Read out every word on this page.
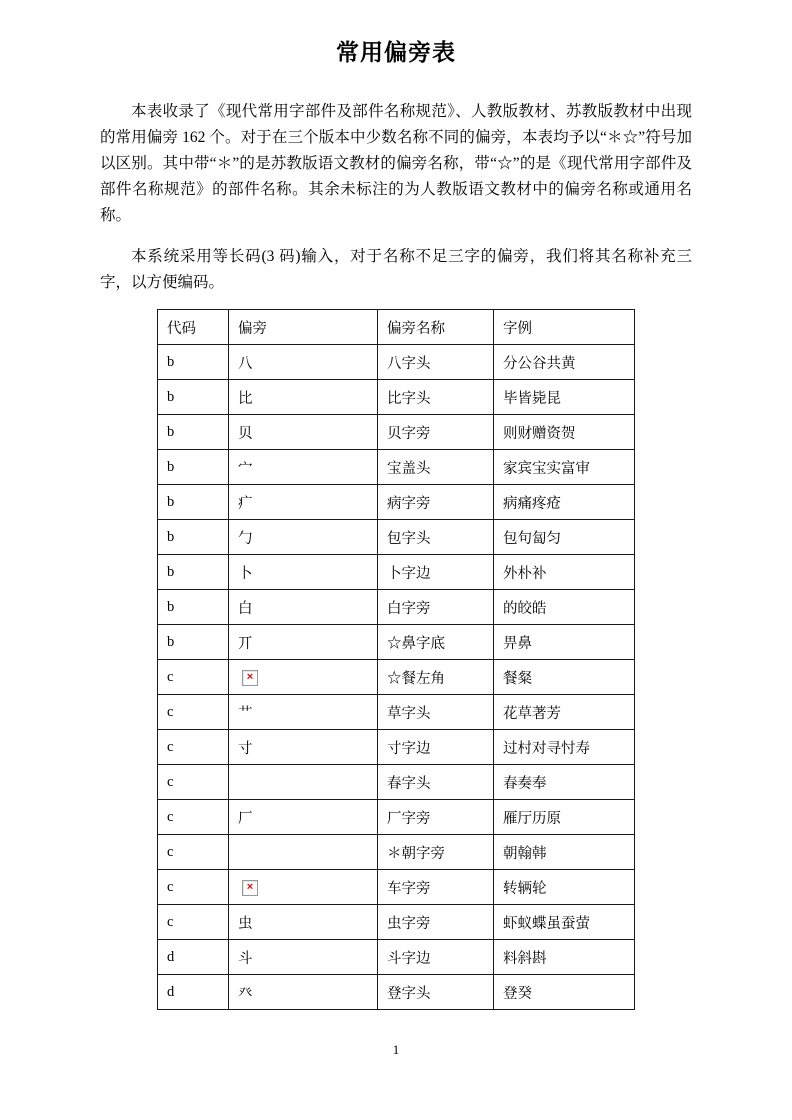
常用偏旁表

本表收录了《现代常用字部件及部件名称规范》、人教版教材、苏教版教材中出现的常用偏旁 162 个。对于在三个版本中少数名称不同的偏旁，本表均予以“＊☆”符号加以区别。其中带“＊”的是苏教版语文教材的偏旁名称，带“☆”的是《现代常用字部件及部件名称规范》的部件名称。其余未标注的为人教版语文教材中的偏旁名称或通用名称。

本系统采用等长码(3 码)输入，对于名称不足三字的偏旁，我们将其名称补充三字，以方便编码。

代码	偏旁	偏旁名称	字例
b	八	八字头	分公谷共黄
b	比	比字头	毕皆毙昆
b	贝	贝字旁	则财赠资贺
b	宀	宝盖头	家宾宝实富审
b	疒	病字旁	病痛疼疮
b	勹	包字头	包句匐匀
b	卜	卜字边	外朴补
b	白	白字旁	的皎皓
b	丌	☆鼻字底	畀鼻
c	×	☆餐左角	餐粲
c	艹	草字头	花草著芳
c	寸	寸字边	过村对寻忖寿
c		春字头	春奏奉
c	厂	厂字旁	雁厅历原
c		＊朝字旁	朝翰韩
c	×	车字旁	转辆轮
c	虫	虫字旁	虾蚁蝶虽蚕萤
d	斗	斗字边	料斜斟
d	癶	登字头	登癸
1
